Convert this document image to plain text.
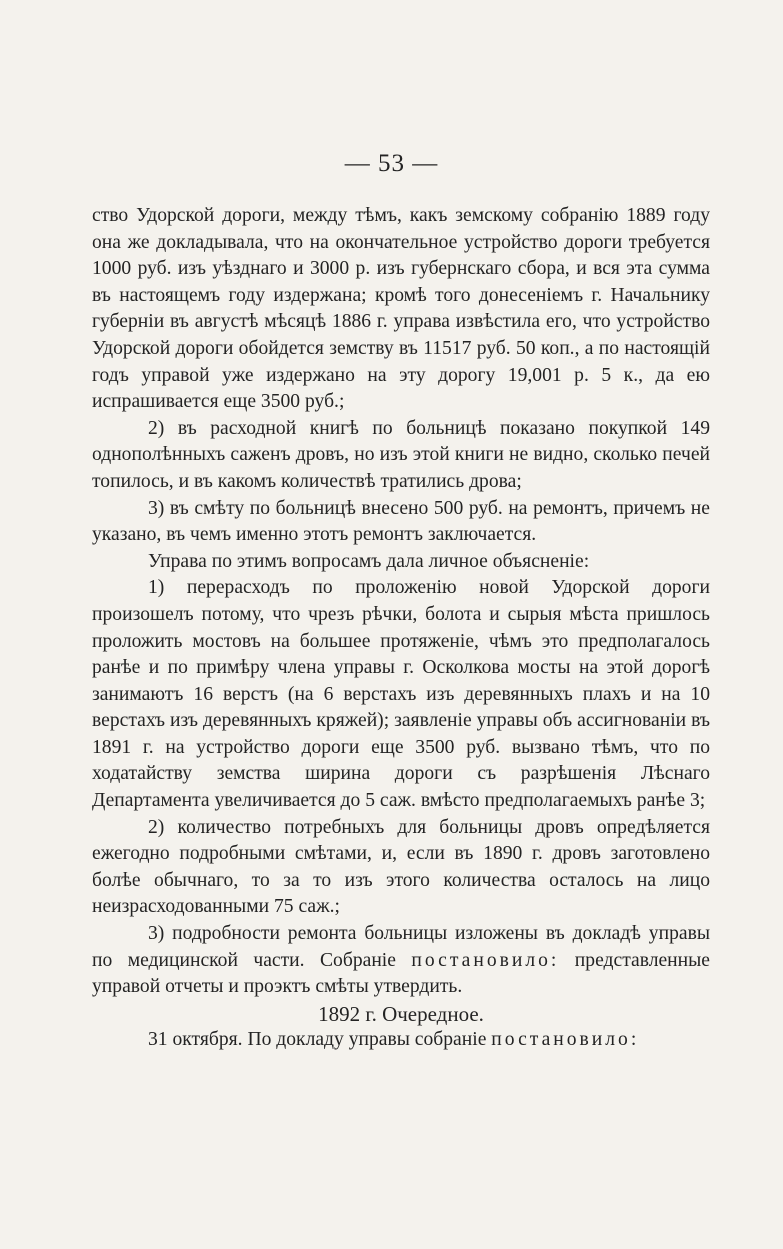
— 53 —

ство Удорской дороги, между тѣмъ, какъ земскому собранію 1889 году она же докладывала, что на окончательное устройство дороги требуется 1000 руб. изъ уѣзднаго и 3000 р. изъ губернскаго сбора, и вся эта сумма въ настоящемъ году издержана; кромѣ того донесеніемъ г. Начальнику губерніи въ августѣ мѣсяцѣ 1886 г. управа извѣстила его, что устройство Удорской дороги обойдется земству въ 11517 руб. 50 коп., а по настоящій годъ управой уже издержано на эту дорогу 19,001 р. 5 к., да ею испрашивается еще 3500 руб.;

2) въ расходной книгѣ по больницѣ показано покупкой 149 однополѣнныхъ саженъ дровъ, но изъ этой книги не видно, сколько печей топилось, и въ какомъ количествѣ тратились дрова;

3) въ смѣту по больницѣ внесено 500 руб. на ремонтъ, причемъ не указано, въ чемъ именно этотъ ремонтъ заключается.

Управа по этимъ вопросамъ дала личное объясненіе:

1) перерасходъ по проложенію новой Удорской дороги произошелъ потому, что чрезъ рѣчки, болота и сырыя мѣста пришлось проложить мостовъ на большее протяженіе, чѣмъ это предполагалось ранѣе и по примѣру члена управы г. Осколкова мосты на этой дорогѣ занимаютъ 16 верстъ (на 6 верстахъ изъ деревянныхъ плахъ и на 10 верстахъ изъ деревянныхъ кряжей); заявленіе управы объ ассигнованіи въ 1891 г. на устройство дороги еще 3500 руб. вызвано тѣмъ, что по ходатайству земства ширина дороги съ разрѣшенія Лѣснаго Департамента увеличивается до 5 саж. вмѣсто предполагаемыхъ ранѣе 3;

2) количество потребныхъ для больницы дровъ опредѣляется ежегодно подробными смѣтами, и, если въ 1890 г. дровъ заготовлено болѣе обычнаго, то за то изъ этого количества осталось на лицо неизрасходованными 75 саж.;

3) подробности ремонта больницы изложены въ докладѣ управы по медицинской части. Собраніе постановило: представленные управой отчеты и проэктъ смѣты утвердить.

1892 г. Очередное.

31 октября. По докладу управы собраніе постановило:
